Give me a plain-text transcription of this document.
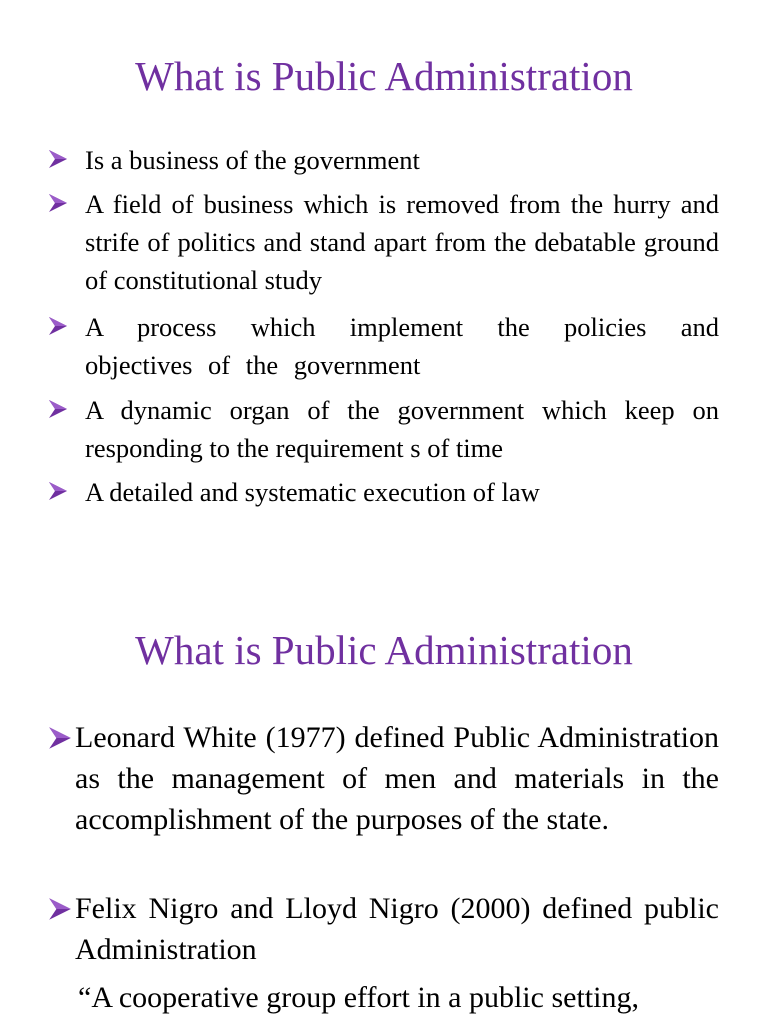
What is Public Administration

Is a business of the government

A field of business which is removed from the hurry and strife of politics and stand apart from the debatable ground of constitutional study

A process which implement the policies and objectives of the government

A dynamic organ of the government which keep on responding to the requirement s of time

A detailed and systematic execution of law

What is Public Administration

Leonard White (1977) defined Public Administration as the management of men and materials in the accomplishment of the purposes of the state.

Felix Nigro and Lloyd Nigro (2000) defined public Administration

“A cooperative group effort in a public setting,
